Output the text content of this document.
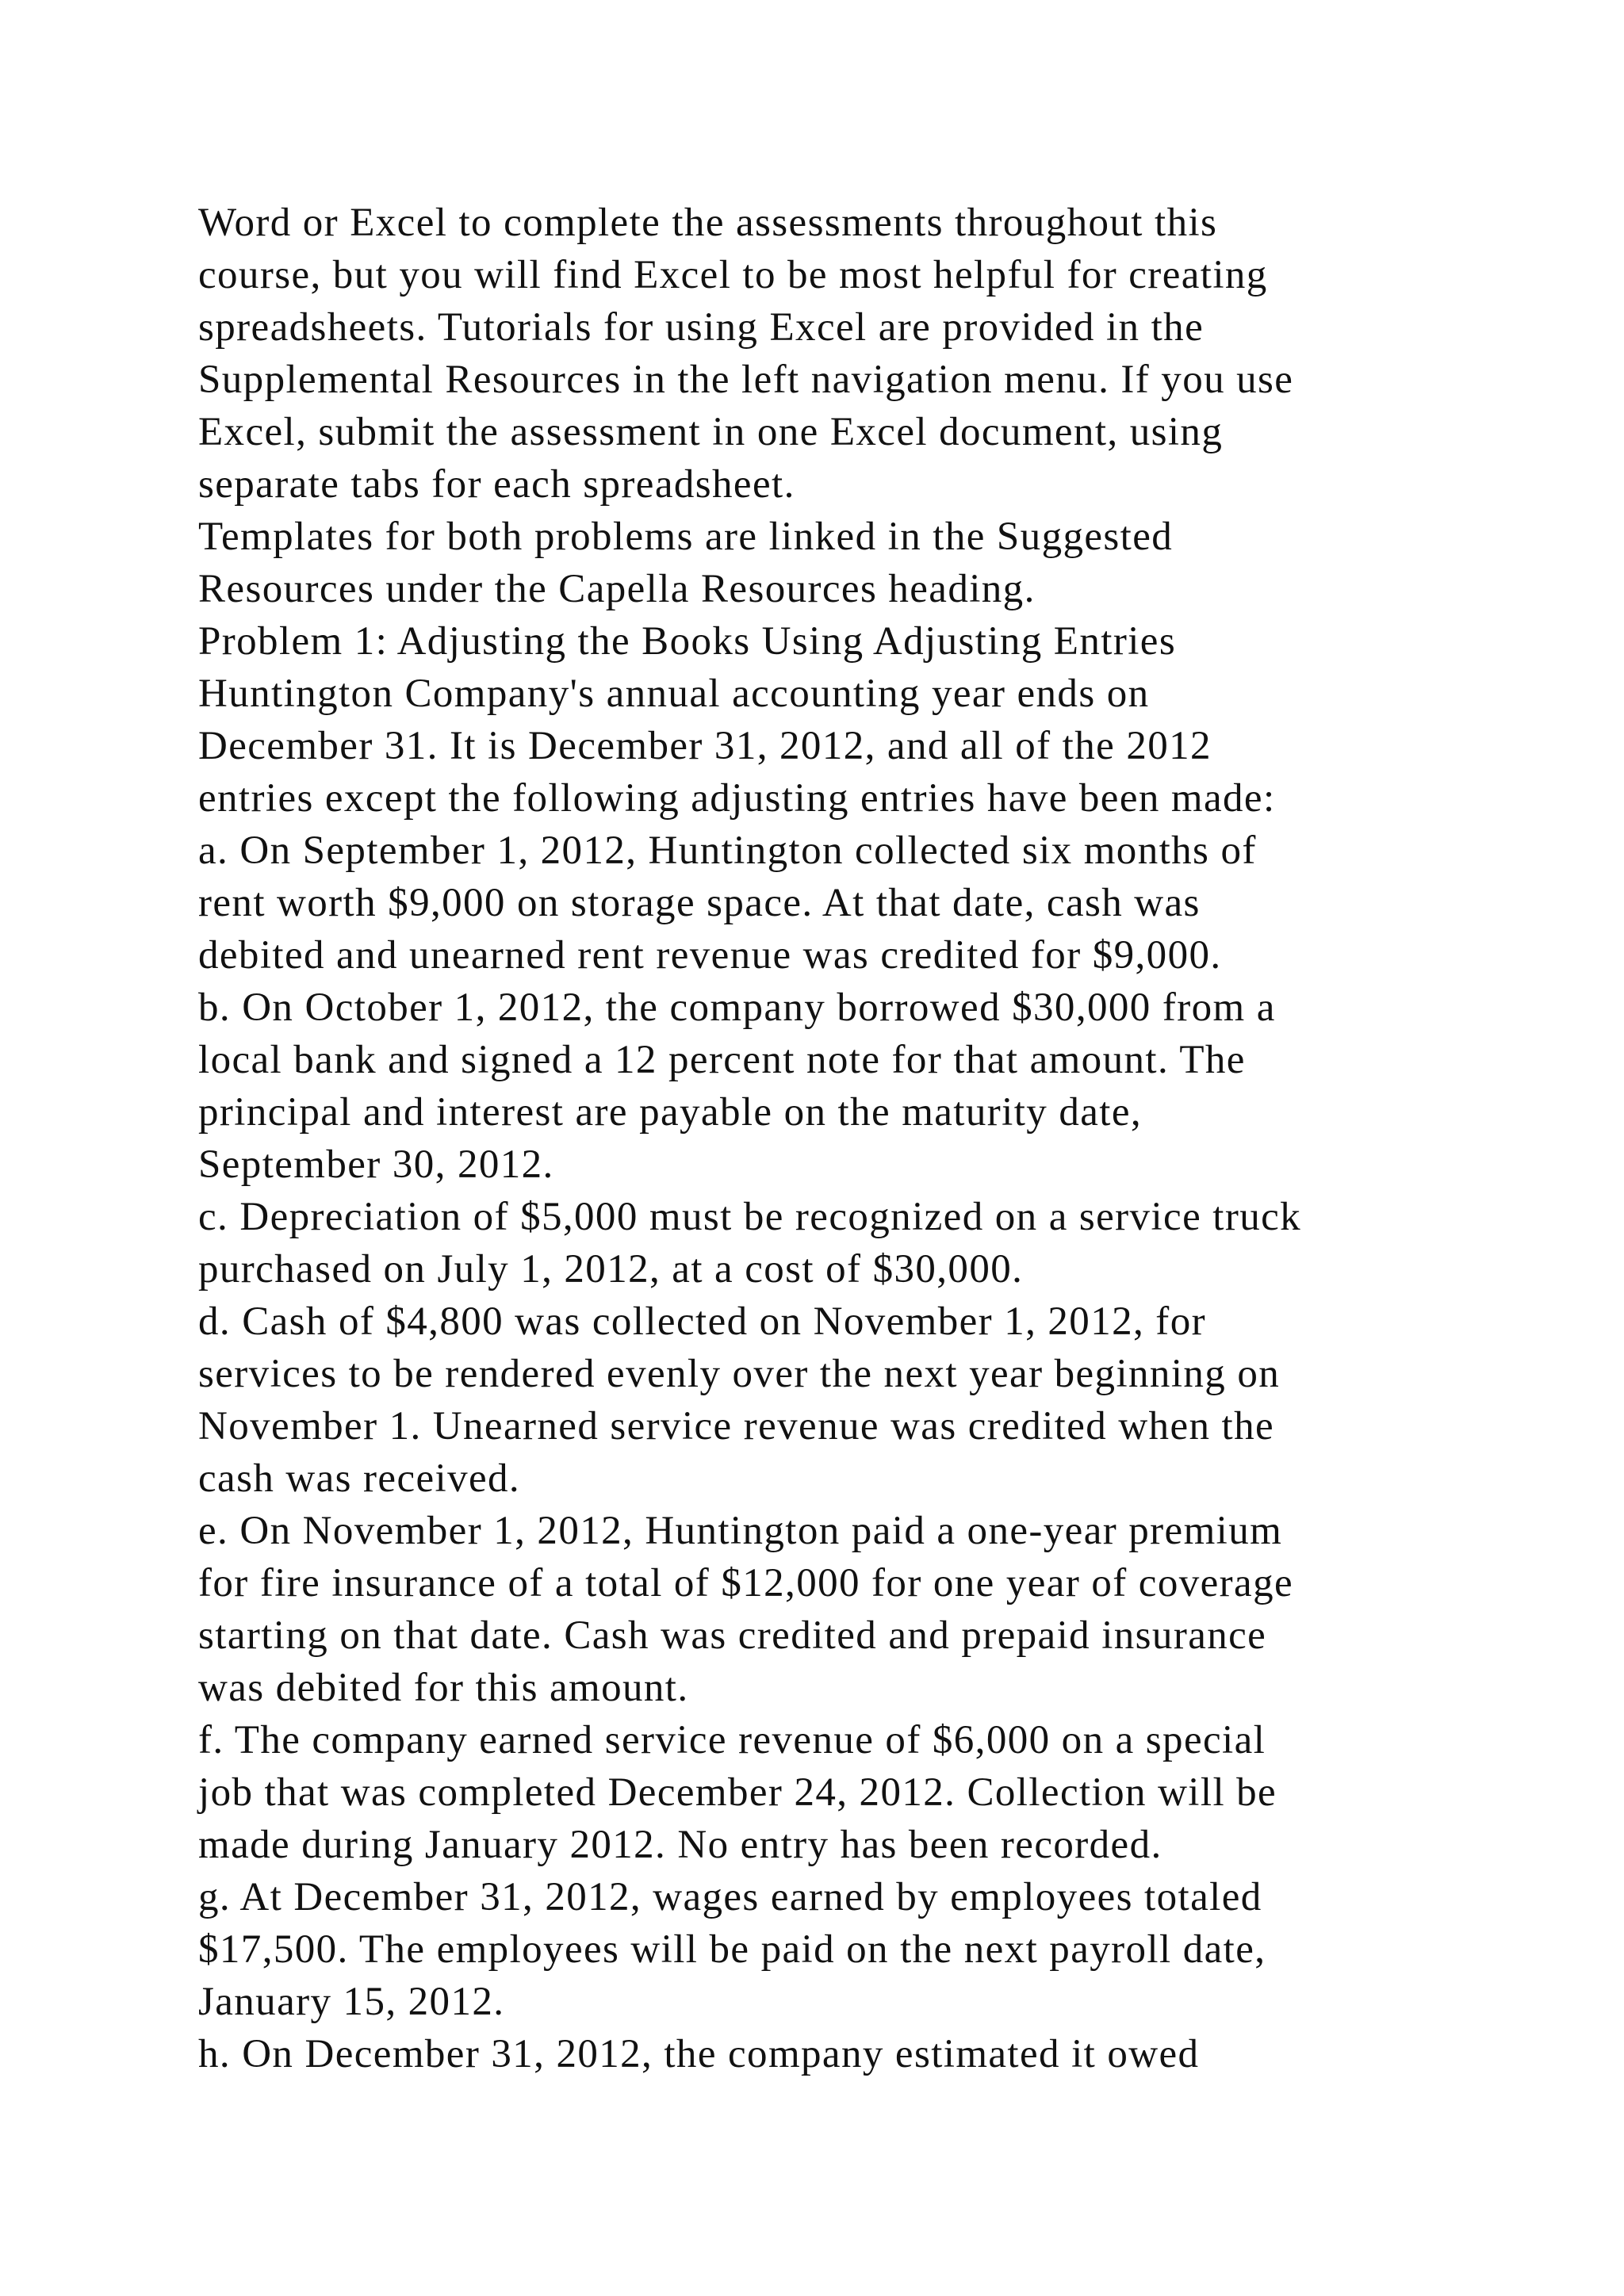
Word or Excel to complete the assessments throughout this
course, but you will find Excel to be most helpful for creating
spreadsheets. Tutorials for using Excel are provided in the
Supplemental Resources in the left navigation menu. If you use
Excel, submit the assessment in one Excel document, using
separate tabs for each spreadsheet.
Templates for both problems are linked in the Suggested
Resources under the Capella Resources heading.
Problem 1: Adjusting the Books Using Adjusting Entries
Huntington Company's annual accounting year ends on
December 31. It is December 31, 2012, and all of the 2012
entries except the following adjusting entries have been made:
a. On September 1, 2012, Huntington collected six months of
rent worth $9,000 on storage space. At that date, cash was
debited and unearned rent revenue was credited for $9,000.
b. On October 1, 2012, the company borrowed $30,000 from a
local bank and signed a 12 percent note for that amount. The
principal and interest are payable on the maturity date,
September 30, 2012.
c. Depreciation of $5,000 must be recognized on a service truck
purchased on July 1, 2012, at a cost of $30,000.
d. Cash of $4,800 was collected on November 1, 2012, for
services to be rendered evenly over the next year beginning on
November 1. Unearned service revenue was credited when the
cash was received.
e. On November 1, 2012, Huntington paid a one-year premium
for fire insurance of a total of $12,000 for one year of coverage
starting on that date. Cash was credited and prepaid insurance
was debited for this amount.
f. The company earned service revenue of $6,000 on a special
job that was completed December 24, 2012. Collection will be
made during January 2012. No entry has been recorded.
g. At December 31, 2012, wages earned by employees totaled
$17,500. The employees will be paid on the next payroll date,
January 15, 2012.
h. On December 31, 2012, the company estimated it owed
